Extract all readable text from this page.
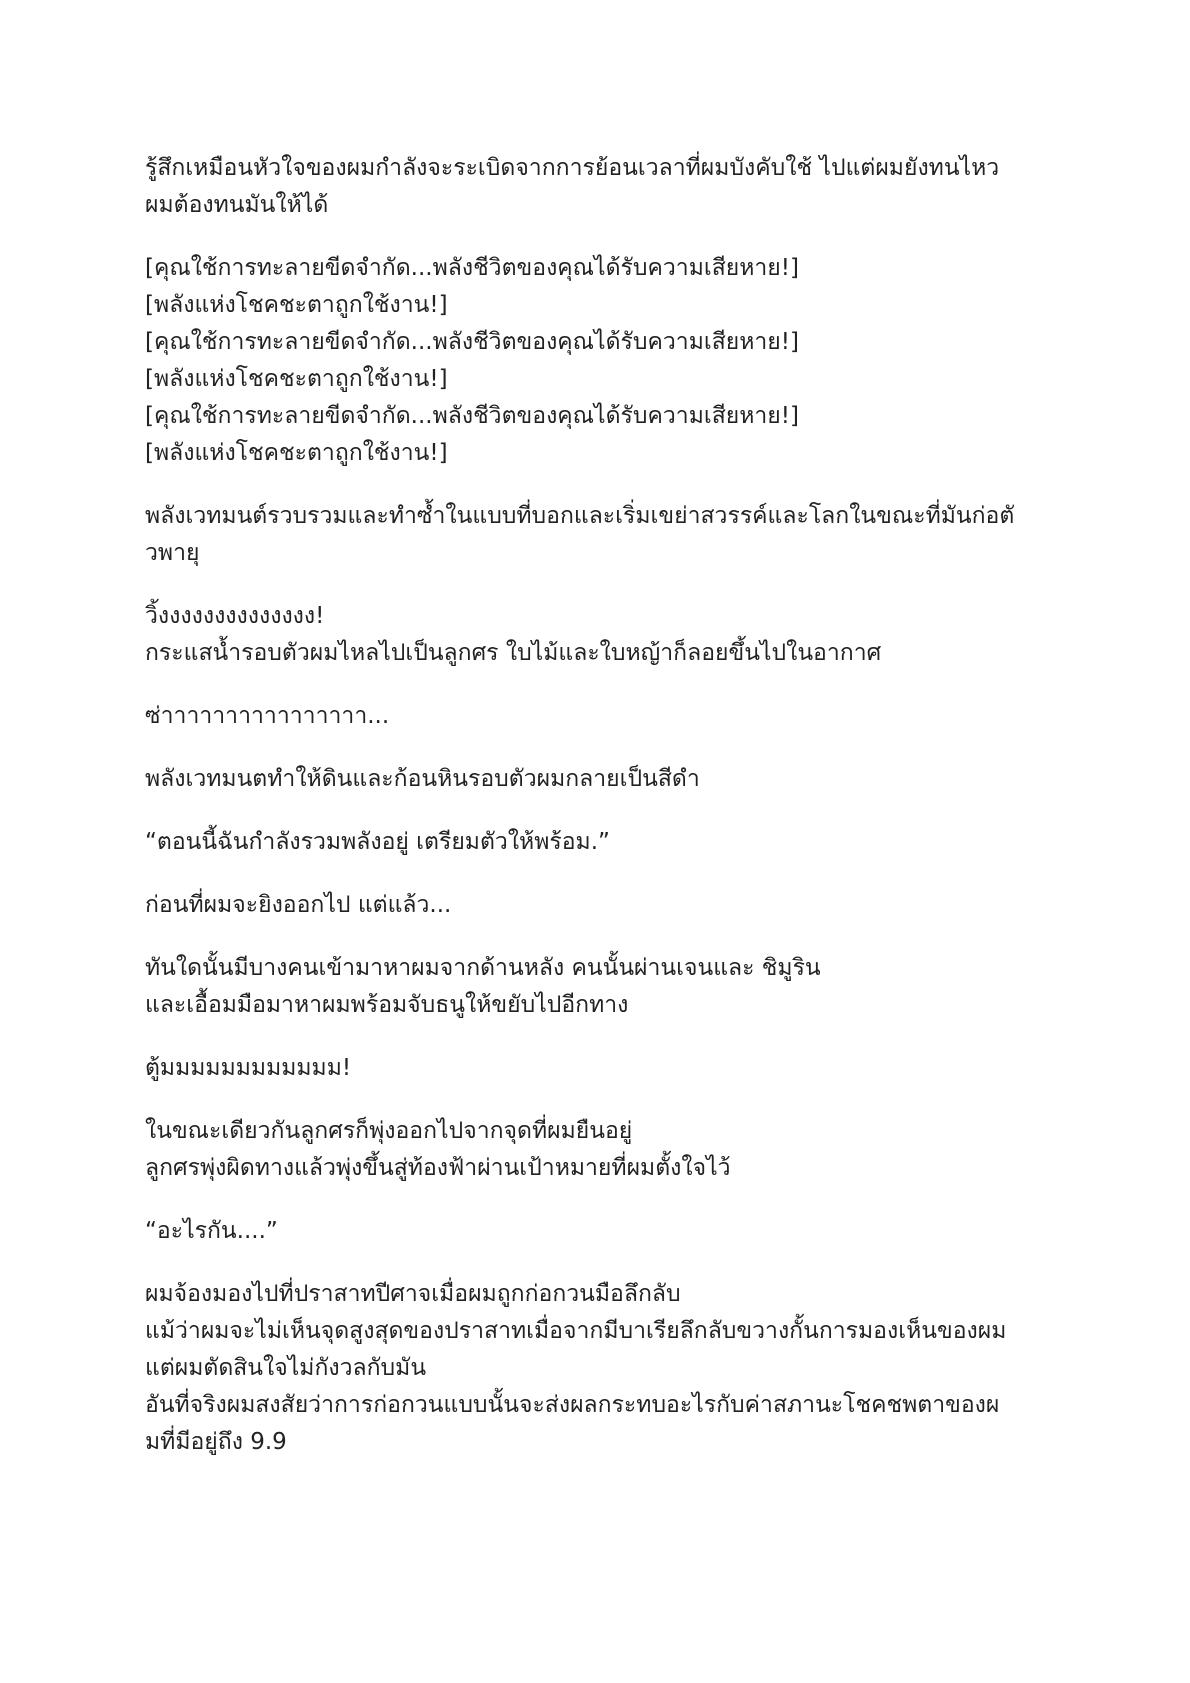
รู้สึกเหมือนหัวใจของผมกำลังจะระเบิดจากการย้อนเวลาที่ผมบังคับใช้ ไปแต่ผมยังทนไหว
ผมต้องทนมันให้ได้

[คุณใช้การทะลายขีดจำกัด...พลังชีวิตของคุณได้รับความเสียหาย!]
[พลังแห่งโชคชะตาถูกใช้งาน!]
[คุณใช้การทะลายขีดจำกัด...พลังชีวิตของคุณได้รับความเสียหาย!]
[พลังแห่งโชคชะตาถูกใช้งาน!]
[คุณใช้การทะลายขีดจำกัด...พลังชีวิตของคุณได้รับความเสียหาย!]
[พลังแห่งโชคชะตาถูกใช้งาน!]

พลังเวทมนต์รวบรวมและทำซ้ำในแบบที่บอกและเริ่มเขย่าสวรรค์และโลกในขณะที่มันก่อตั
วพายุ

วิ้งงงงงงงงงงงงงง!
กระแสน้ำรอบตัวผมไหลไปเป็นลูกศร ใบไม้และใบหญ้าก็ลอยขึ้นไปในอากาศ

ซ่าาาาาาาาาาาาาาาา...

พลังเวทมนตทำให้ดินและก้อนหินรอบตัวผมกลายเป็นสีดำ

“ตอนนี้ฉันกำลังรวมพลังอยู่ เตรียมตัวให้พร้อม.”

ก่อนที่ผมจะยิงออกไป แต่แล้ว...

ทันใดนั้นมีบางคนเข้ามาหาผมจากด้านหลัง คนนั้นผ่านเจนและ ชิมูริน
และเอื้อมมือมาหาผมพร้อมจับธนูให้ขยับไปอีกทาง

ตู้มมมมมมมมมมมม!

ในขณะเดียวกันลูกศรก็พุ่งออกไปจากจุดที่ผมยืนอยู่
ลูกศรพุ่งผิดทางแล้วพุ่งขึ้นสู่ท้องฟ้าผ่านเป้าหมายที่ผมตั้งใจไว้

“อะไรกัน....”

ผมจ้องมองไปที่ปราสาทปีศาจเมื่อผมถูกก่อกวนมือลึกลับ
แม้ว่าผมจะไม่เห็นจุดสูงสุดของปราสาทเมื่อจากมีบาเรียลึกลับขวางกั้นการมองเห็นของผม
แต่ผมตัดสินใจไม่กังวลกับมัน
อันที่จริงผมสงสัยว่าการก่อกวนแบบนั้นจะส่งผลกระทบอะไรกับค่าสภานะโชคชพตาของผ
มที่มีอยู่ถึง 9.9
